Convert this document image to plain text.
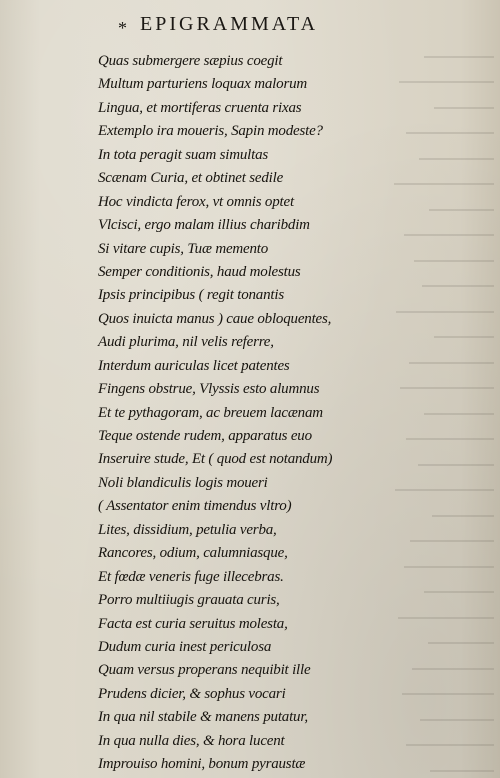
* EPIGRAMMATA
Quas submergere sæpius coegit
Multum parturiens loquax malorum
Lingua, et mortiferas cruenta rixas
Extemplo ira moueris, Sapin modeste?
In tota peragit suam simultas
Scænam Curia, et obtinet sedile
Hoc vindicta ferox, vt omnis optet
Vlcisci, ergo malam illius charibdim
Si vitare cupis, Tuæ memento
Semper conditionis, haud molestus
Ipsis principibus ( regit tonantis
Quos inuicta manus ) caue obloquentes,
Audi plurima, nil velis referre,
Interdum auriculas licet patentes
Fingens obstrue, Vlyssis esto alumnus
Et te pythagoram, ac breuem lacænam
Teque ostende rudem, apparatus euo
Inseruire stude, Et ( quod est notandum)
Noli blandiculis logis moueri
( Assentator enim timendus vltro)
Lites, dissidium, petulia verba,
Rancores, odium, calumniasque,
Et fœdæ veneris fuge illecebras.
Porro multiiugis grauata curis,
Facta est curia seruitus molesta,
Dudum curia inest periculosa
Quam versus properans nequibit ille
Prudens dicier, & sophus vocari
In qua nil stabile & manens putatur,
In qua nulla dies, & hora lucent
Improuiso homini, bonum pyraustæ
